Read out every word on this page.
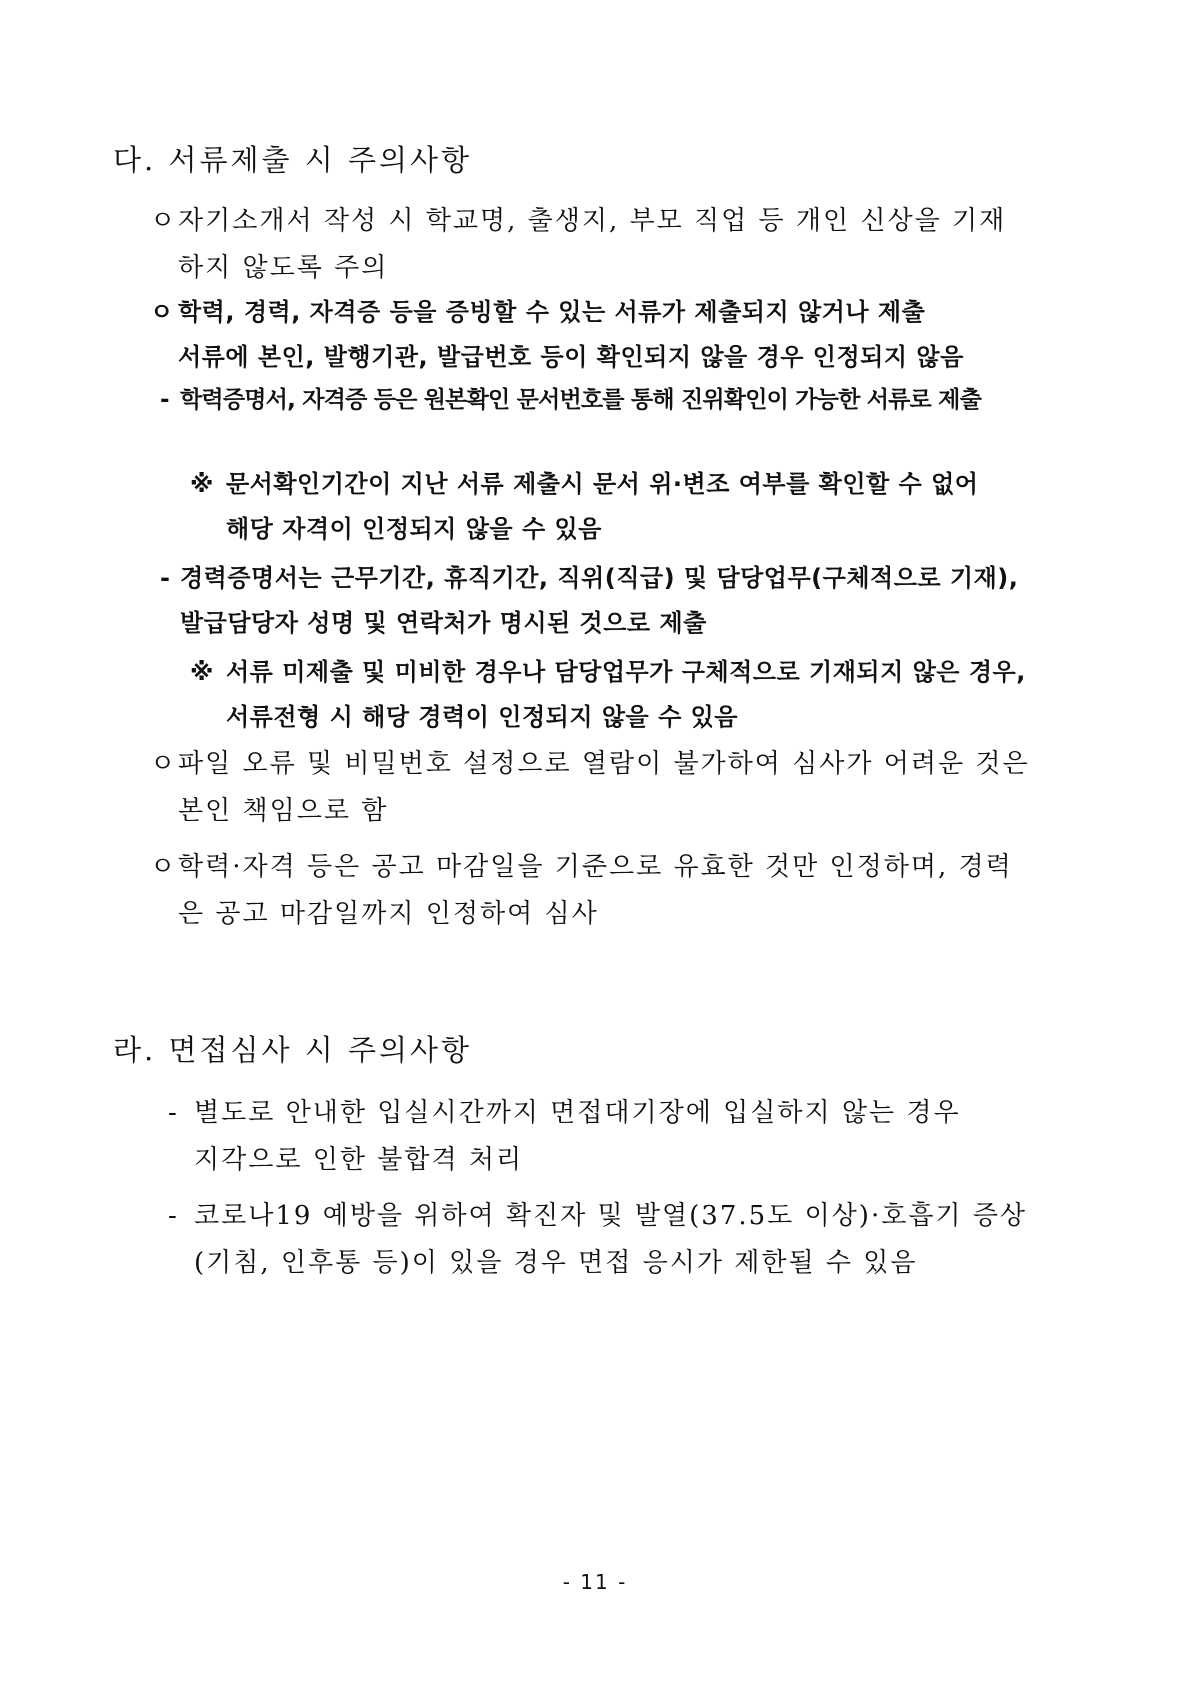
다. 서류제출 시 주의사항
ㅇ 자기소개서 작성 시 학교명, 출생지, 부모 직업 등 개인 신상을 기재
하지 않도록 주의
ㅇ 학력, 경력, 자격증 등을 증빙할 수 있는 서류가 제출되지 않거나 제출
서류에 본인, 발행기관, 발급번호 등이 확인되지 않을 경우 인정되지 않음
- 학력증명서, 자격증 등은 원본확인 문서번호를 통해 진위확인이 가능한 서류로 제출
※ 문서확인기간이 지난 서류 제출시 문서 위·변조 여부를 확인할 수 없어
해당 자격이 인정되지 않을 수 있음
- 경력증명서는 근무기간, 휴직기간, 직위(직급) 및 담당업무(구체적으로 기재),
발급담당자 성명 및 연락처가 명시된 것으로 제출
※ 서류 미제출 및 미비한 경우나 담당업무가 구체적으로 기재되지 않은 경우,
서류전형 시 해당 경력이 인정되지 않을 수 있음
ㅇ 파일 오류 및 비밀번호 설정으로 열람이 불가하여 심사가 어려운 것은
본인 책임으로 함
ㅇ 학력·자격 등은 공고 마감일을 기준으로 유효한 것만 인정하며, 경력
은 공고 마감일까지 인정하여 심사
라. 면접심사 시 주의사항
- 별도로 안내한 입실시간까지 면접대기장에 입실하지 않는 경우
지각으로 인한 불합격 처리
- 코로나19 예방을 위하여 확진자 및 발열(37.5도 이상)·호흡기 증상
(기침, 인후통 등)이 있을 경우 면접 응시가 제한될 수 있음
- 11 -
